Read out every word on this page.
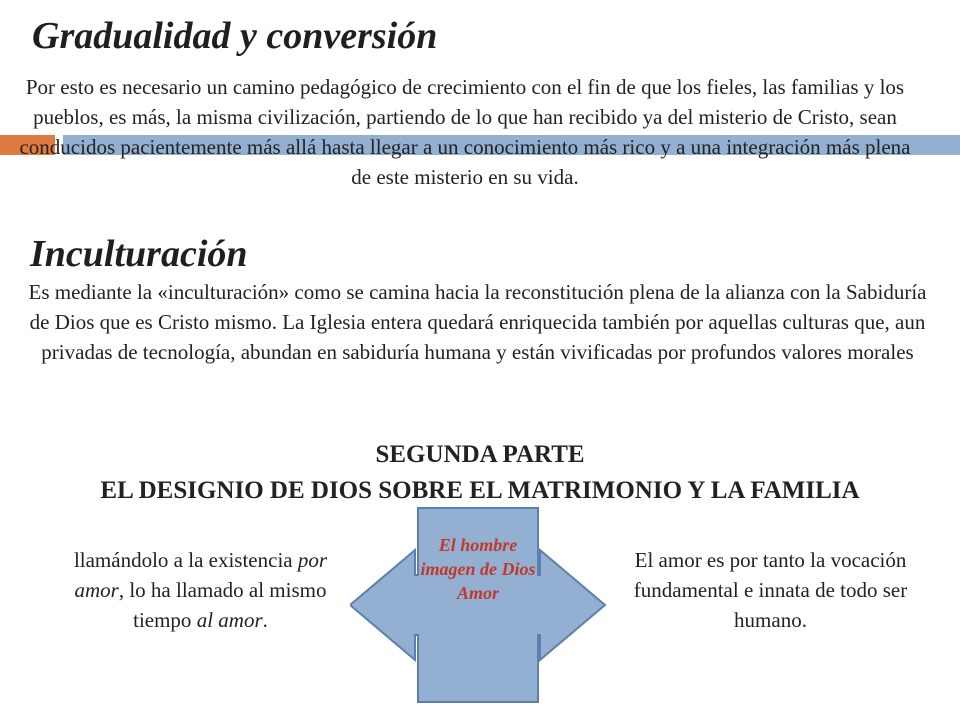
Gradualidad y conversión

Por esto es necesario un camino pedagógico de crecimiento con el fin de que los fieles, las familias y los pueblos, es más, la misma civilización, partiendo de lo que han recibido ya del misterio de Cristo, sean conducidos pacientemente más allá hasta llegar a un conocimiento más rico y a una integración más plena de este misterio en su vida.

Inculturación

Es mediante la «inculturación» como se camina hacia la reconstitución plena de la alianza con la Sabiduría de Dios que es Cristo mismo. La Iglesia entera quedará enriquecida también por aquellas culturas que, aun privadas de tecnología, abundan en sabiduría humana y están vivificadas por profundos valores morales

SEGUNDA PARTE
EL DESIGNIO DE DIOS SOBRE EL MATRIMONIO Y LA FAMILIA
El hombre imagen de Dios Amor
llamándolo a la existencia por amor, lo ha llamado al mismo tiempo al amor.
El amor es por tanto la vocación fundamental e innata de todo ser humano.
